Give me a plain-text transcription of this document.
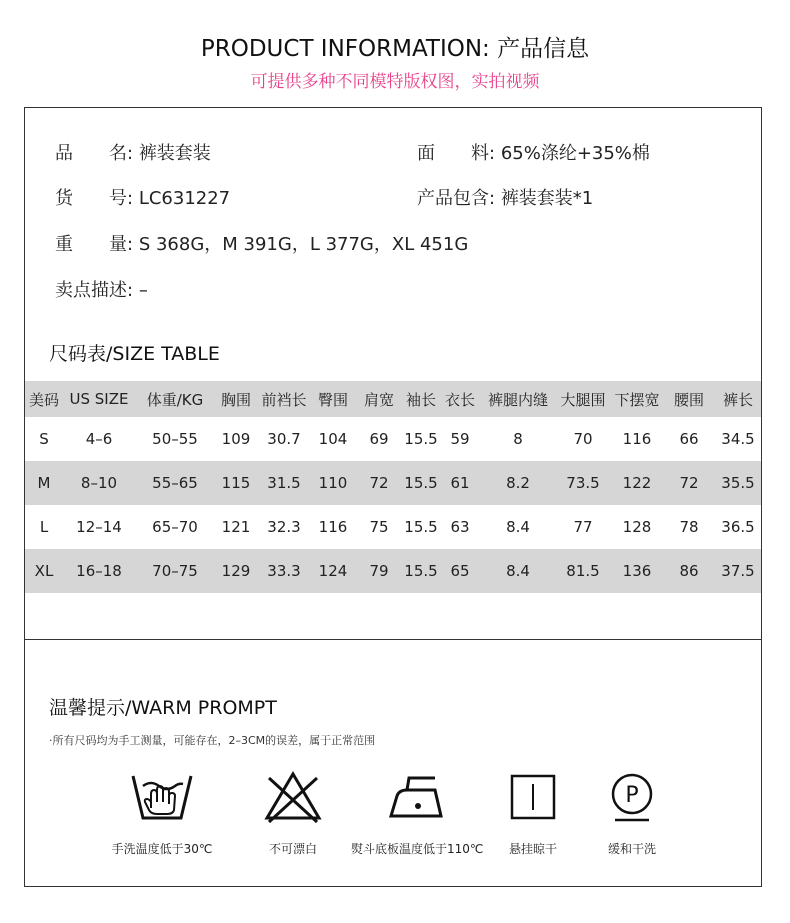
PRODUCT INFORMATION: 产品信息
可提供多种不同模特版权图，实拍视频
品　　名: 裤装套装	面　　料: 65%涤纶+35%棉
货　　号: LC631227	产品包含: 裤装套装*1
重　　量: S 368G，M 391G，L 377G，XL 451G
卖点描述: –
尺码表/SIZE TABLE
美码	US SIZE	体重/KG	胸围	前裆长	臀围	肩宽	袖长	衣长	裤腿内缝	大腿围	下摆宽	腰围	裤长
S	4–6	50–55	109	30.7	104	69	15.5	59	8	70	116	66	34.5
M	8–10	55–65	115	31.5	110	72	15.5	61	8.2	73.5	122	72	35.5
L	12–14	65–70	121	32.3	116	75	15.5	63	8.4	77	128	78	36.5
XL	16–18	70–75	129	33.3	124	79	15.5	65	8.4	81.5	136	86	37.5
温馨提示/WARM PROMPT
·所有尺码均为手工测量，可能存在，2–3CM的误差，属于正常范围
手洗温度低于30℃	不可漂白	熨斗底板温度低于110℃	悬挂晾干
P
缓和干洗
